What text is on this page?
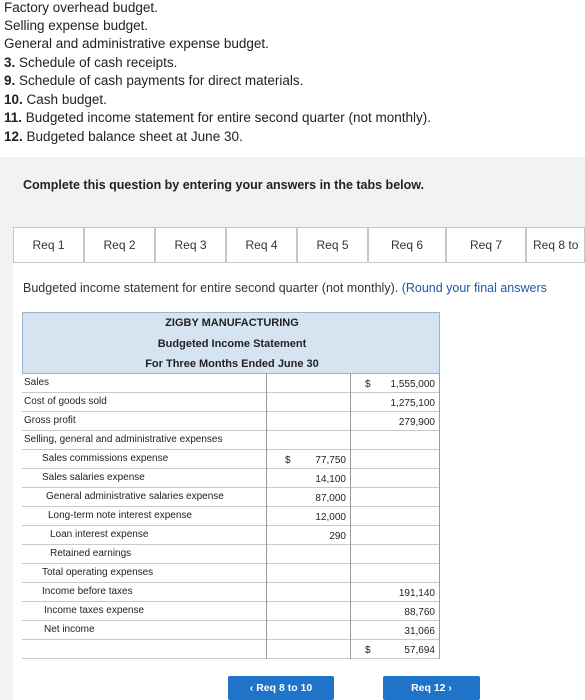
Factory overhead budget.
Selling expense budget.
General and administrative expense budget.
3. Schedule of cash receipts.
9. Schedule of cash payments for direct materials.
10. Cash budget.
11. Budgeted income statement for entire second quarter (not monthly).
12. Budgeted balance sheet at June 30.
Complete this question by entering your answers in the tabs below.
Req 1	Req 2	Req 3	Req 4	Req 5	Req 6	Req 7	Req 8 to
Budgeted income statement for entire second quarter (not monthly). (Round your final answers
ZIGBY MANUFACTURING
Budgeted Income Statement
For Three Months Ended June 30
Sales	$ 1,555,000
Cost of goods sold	1,275,100
Gross profit	279,900
Selling, general and administrative expenses
Sales commissions expense	$ 77,750
Sales salaries expense	14,100
General administrative salaries expense	87,000
Long-term note interest expense	12,000
Loan interest expense	290
Retained earnings
Total operating expenses
Income before taxes	191,140
Income taxes expense	88,760
Net income	31,066
$	57,694
‹ Req 8 to 10	Req 12 ›
